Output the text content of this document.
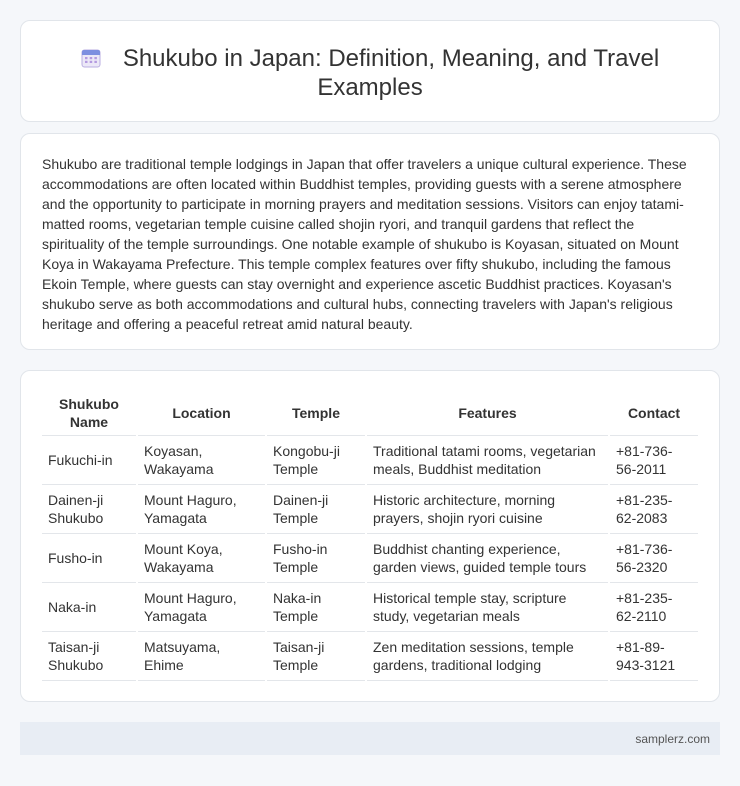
Shukubo in Japan: Definition, Meaning, and Travel Examples

Shukubo are traditional temple lodgings in Japan that offer travelers a unique cultural experience. These accommodations are often located within Buddhist temples, providing guests with a serene atmosphere and the opportunity to participate in morning prayers and meditation sessions. Visitors can enjoy tatami-matted rooms, vegetarian temple cuisine called shojin ryori, and tranquil gardens that reflect the spirituality of the temple surroundings. One notable example of shukubo is Koyasan, situated on Mount Koya in Wakayama Prefecture. This temple complex features over fifty shukubo, including the famous Ekoin Temple, where guests can stay overnight and experience ascetic Buddhist practices. Koyasan's shukubo serve as both accommodations and cultural hubs, connecting travelers with Japan's religious heritage and offering a peaceful retreat amid natural beauty.

Shukubo Name	Location	Temple	Features	Contact
Fukuchi-in	Koyasan, Wakayama	Kongobu-ji Temple	Traditional tatami rooms, vegetarian meals, Buddhist meditation	+81-736-56-2011
Dainen-ji Shukubo	Mount Haguro, Yamagata	Dainen-ji Temple	Historic architecture, morning prayers, shojin ryori cuisine	+81-235-62-2083
Fusho-in	Mount Koya, Wakayama	Fusho-in Temple	Buddhist chanting experience, garden views, guided temple tours	+81-736-56-2320
Naka-in	Mount Haguro, Yamagata	Naka-in Temple	Historical temple stay, scripture study, vegetarian meals	+81-235-62-2110
Taisan-ji Shukubo	Matsuyama, Ehime	Taisan-ji Temple	Zen meditation sessions, temple gardens, traditional lodging	+81-89-943-3121
samplerz.com
